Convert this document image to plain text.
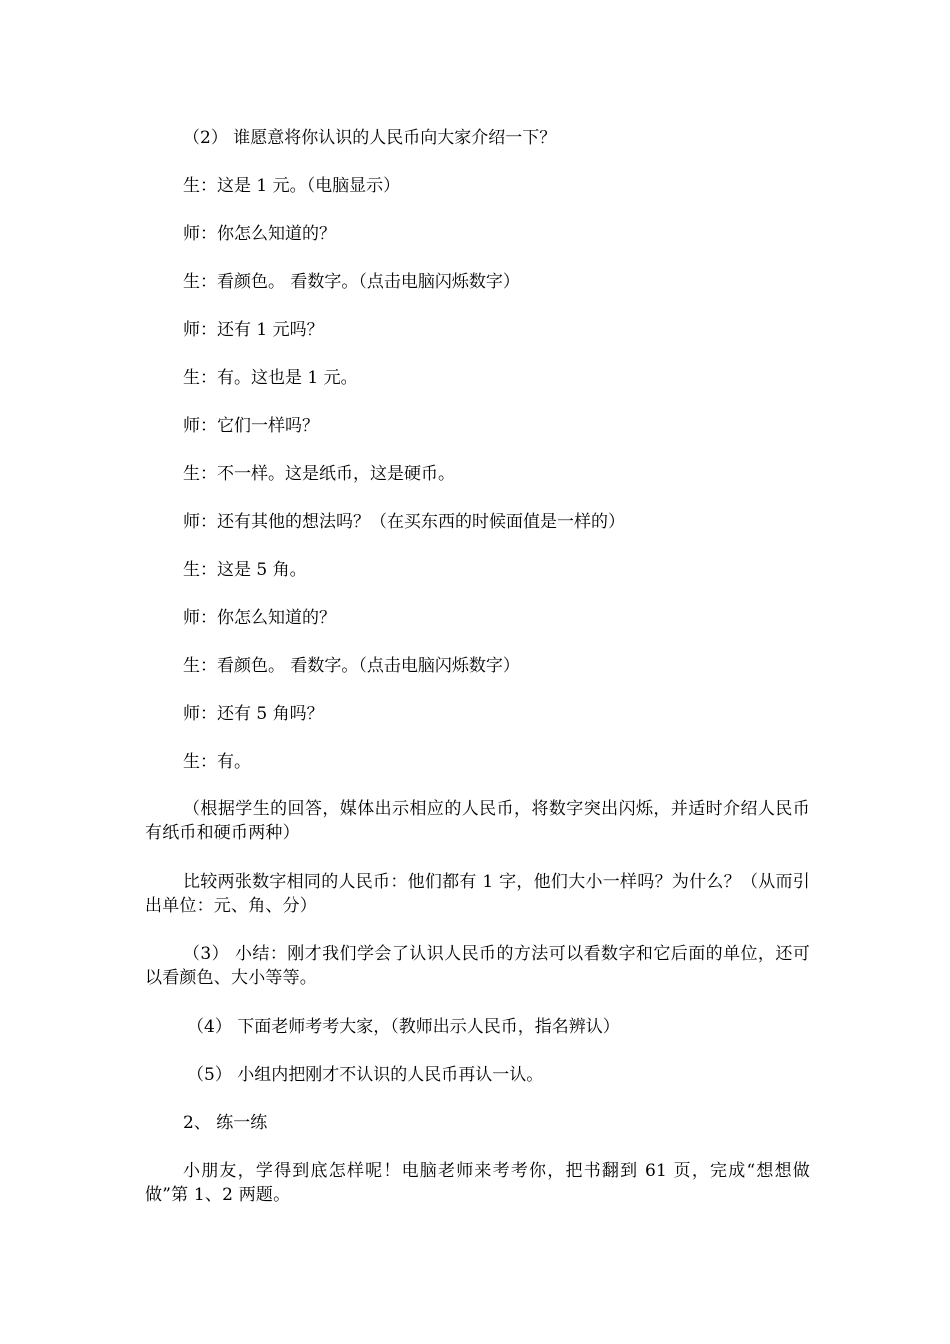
（2） 谁愿意将你认识的人民币向大家介绍一下？
生：这是 1 元。（电脑显示）
师：你怎么知道的？
生：看颜色。 看数字。（点击电脑闪烁数字）
师：还有 1 元吗？
生：有。这也是 1 元。
师：它们一样吗？
生：不一样。这是纸币，这是硬币。
师：还有其他的想法吗？（在买东西的时候面值是一样的）
生：这是 5 角。
师：你怎么知道的？
生：看颜色。 看数字。（点击电脑闪烁数字）
师：还有 5 角吗？
生：有。
（根据学生的回答，媒体出示相应的人民币，将数字突出闪烁，并适时介绍人民币有纸币和硬币两种）
比较两张数字相同的人民币：他们都有 1 字，他们大小一样吗？为什么？（从而引出单位：元、角、分）
（3） 小结：刚才我们学会了认识人民币的方法可以看数字和它后面的单位，还可以看颜色、大小等等。
（4） 下面老师考考大家，（教师出示人民币，指名辨认）
（5） 小组内把刚才不认识的人民币再认一认。
2、 练一练
小朋友，学得到底怎样呢！电脑老师来考考你，把书翻到 61 页，完成“想想做做”第 1、2 两题。
